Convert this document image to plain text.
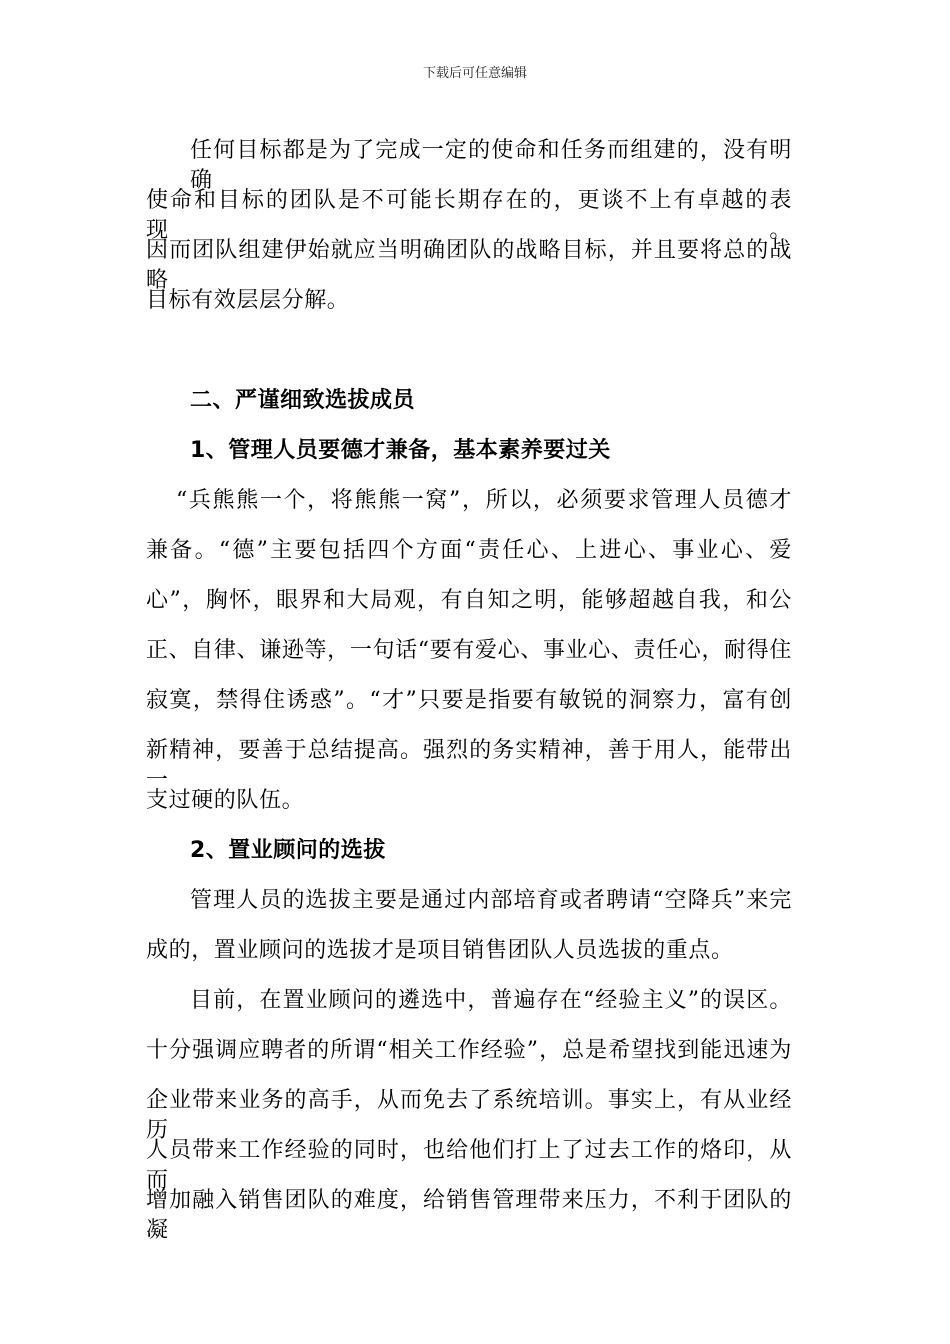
下载后可任意编辑
任何目标都是为了完成一定的使命和任务而组建的，没有明确
使命和目标的团队是不可能长期存在的，更谈不上有卓越的表现。
因而团队组建伊始就应当明确团队的战略目标，并且要将总的战略
目标有效层层分解。
二、严谨细致选拔成员
1、管理人员要德才兼备，基本素养要过关
“兵熊熊一个，将熊熊一窝”，所以，必须要求管理人员德才
兼备。“德”主要包括四个方面“责任心、上进心、事业心、爱
心”，胸怀，眼界和大局观，有自知之明，能够超越自我，和公
正、自律、谦逊等，一句话“要有爱心、事业心、责任心，耐得住
寂寞，禁得住诱惑”。“才”只要是指要有敏锐的洞察力，富有创
新精神，要善于总结提高。强烈的务实精神，善于用人，能带出一
支过硬的队伍。
2、置业顾问的选拔
管理人员的选拔主要是通过内部培育或者聘请“空降兵”来完
成的，置业顾问的选拔才是项目销售团队人员选拔的重点。
目前，在置业顾问的遴选中，普遍存在“经验主义”的误区。
十分强调应聘者的所谓“相关工作经验”，总是希望找到能迅速为
企业带来业务的高手，从而免去了系统培训。事实上，有从业经历
人员带来工作经验的同时，也给他们打上了过去工作的烙印，从而
增加融入销售团队的难度，给销售管理带来压力，不利于团队的凝
